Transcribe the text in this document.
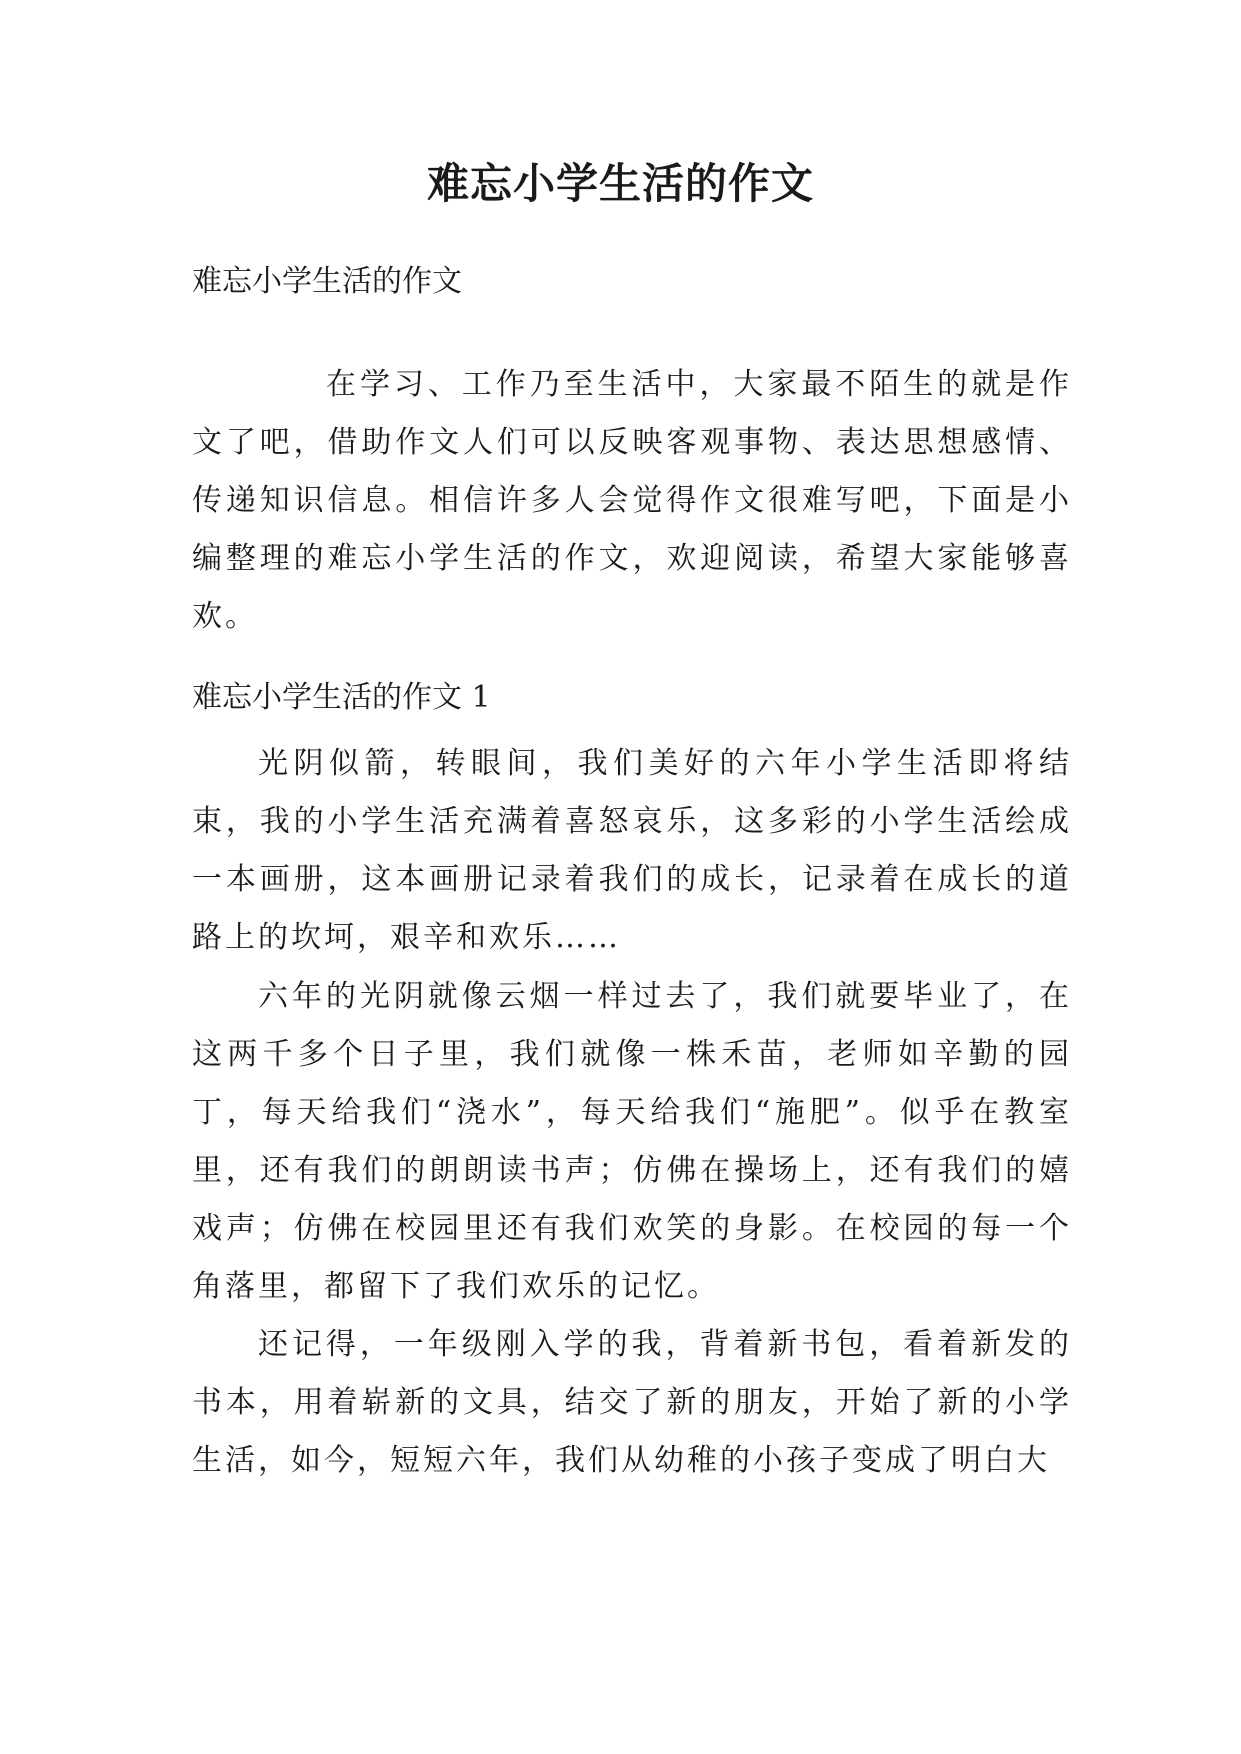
难忘小学生活的作文

难忘小学生活的作文

在学习、工作乃至生活中，大家最不陌生的就是作文了吧，借助作文人们可以反映客观事物、表达思想感情、传递知识信息。相信许多人会觉得作文很难写吧，下面是小编整理的难忘小学生活的作文，欢迎阅读，希望大家能够喜欢。

难忘小学生活的作文 1

光阴似箭，转眼间，我们美好的六年小学生活即将结束，我的小学生活充满着喜怒哀乐，这多彩的小学生活绘成一本画册，这本画册记录着我们的成长，记录着在成长的道路上的坎坷，艰辛和欢乐……

六年的光阴就像云烟一样过去了，我们就要毕业了，在这两千多个日子里，我们就像一株禾苗，老师如辛勤的园丁，每天给我们“浇水”，每天给我们“施肥”。似乎在教室里，还有我们的朗朗读书声；仿佛在操场上，还有我们的嬉戏声；仿佛在校园里还有我们欢笑的身影。在校园的每一个角落里，都留下了我们欢乐的记忆。

还记得，一年级刚入学的我，背着新书包，看着新发的书本，用着崭新的文具，结交了新的朋友，开始了新的小学生活，如今，短短六年，我们从幼稚的小孩子变成了明白大
